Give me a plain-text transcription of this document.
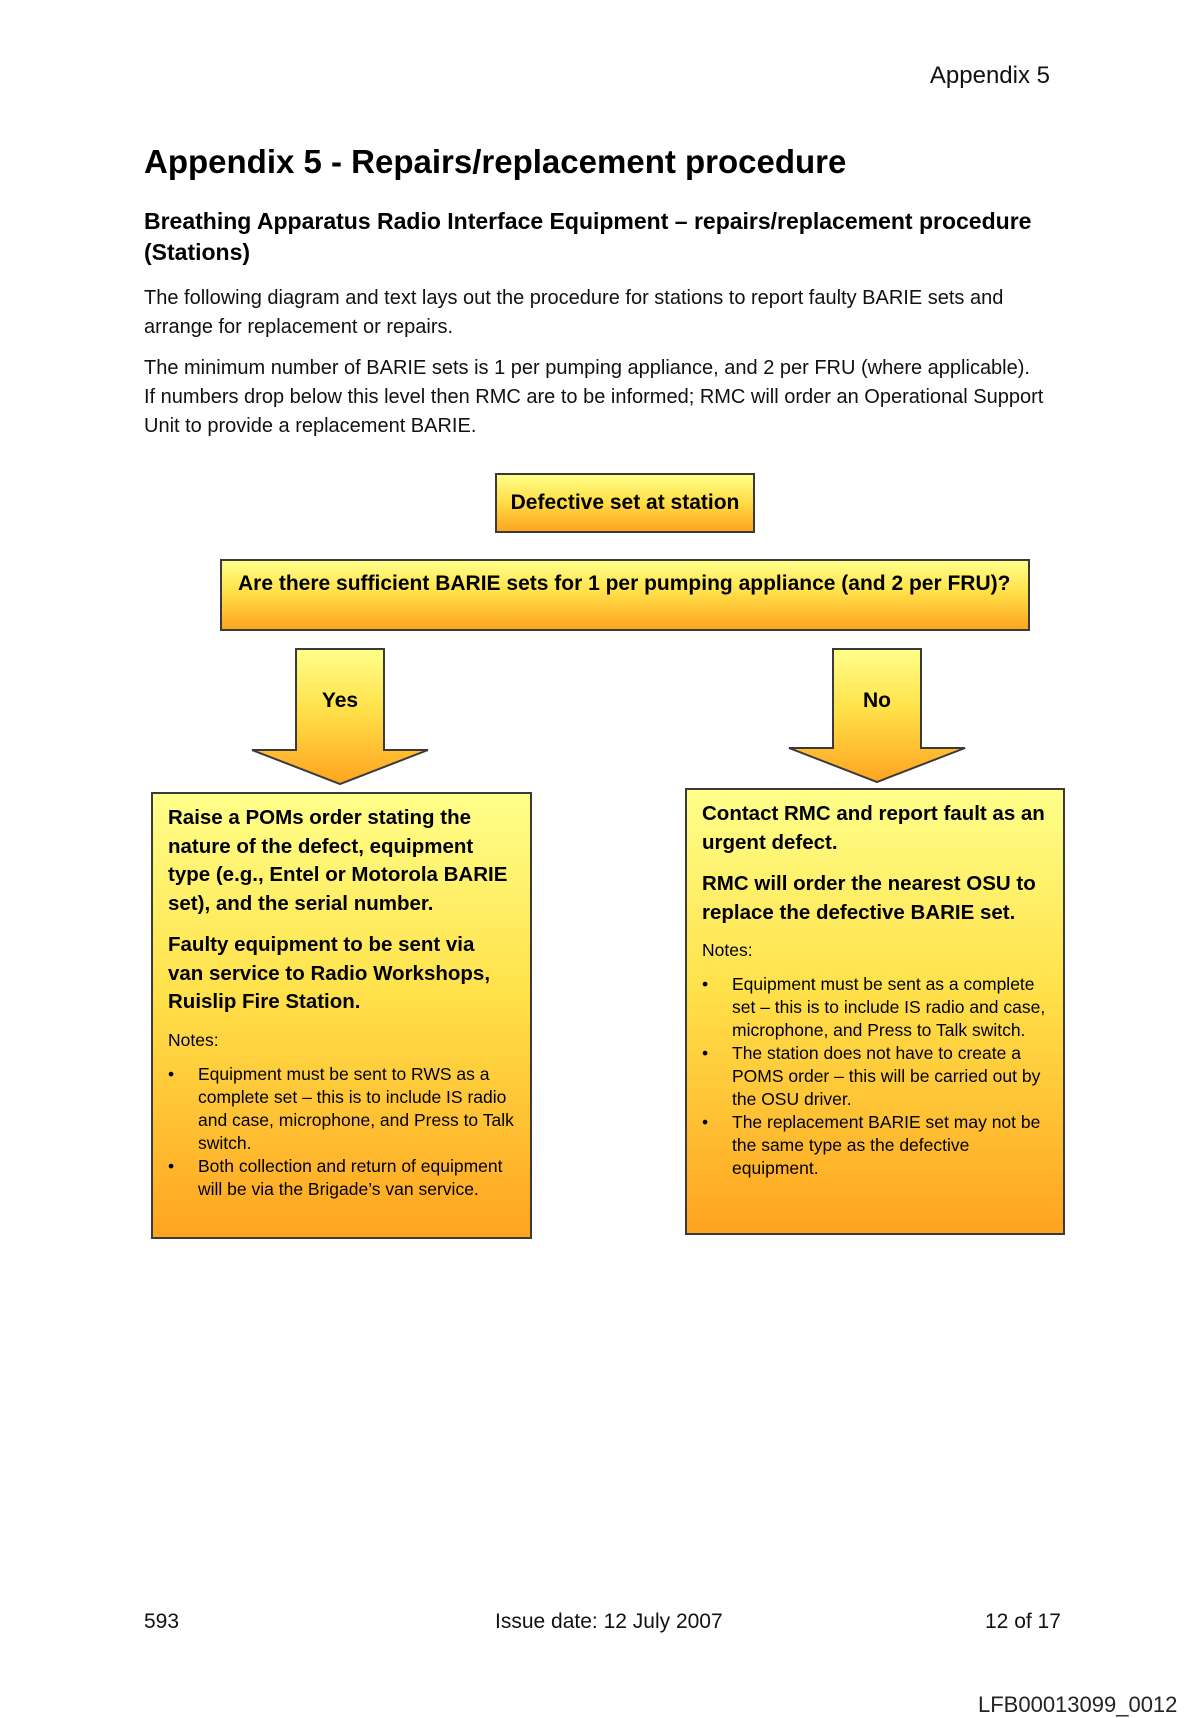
Appendix 5
Appendix 5 - Repairs/replacement procedure
Breathing Apparatus Radio Interface Equipment – repairs/replacement procedure (Stations)

The following diagram and text lays out the procedure for stations to report faulty BARIE sets and arrange for replacement or repairs.

The minimum number of BARIE sets is 1 per pumping appliance, and 2 per FRU (where applicable). If numbers drop below this level then RMC are to be informed; RMC will order an Operational Support Unit to provide a replacement BARIE.

Defective set at station
Are there sufficient BARIE sets for 1 per pumping appliance (and 2 per FRU)?
Yes	No

Raise a POMs order stating the nature of the defect, equipment type (e.g., Entel or Motorola BARIE set), and the serial number.

Faulty equipment to be sent via van service to Radio Workshops, Ruislip Fire Station.

Notes:
• Equipment must be sent to RWS as a complete set – this is to include IS radio and case, microphone, and Press to Talk switch.
• Both collection and return of equipment will be via the Brigade’s van service.

Contact RMC and report fault as an urgent defect.

RMC will order the nearest OSU to replace the defective BARIE set.

Notes:
• Equipment must be sent as a complete set – this is to include IS radio and case, microphone, and Press to Talk switch.
• The station does not have to create a POMS order – this will be carried out by the OSU driver.
• The replacement BARIE set may not be the same type as the defective equipment.
593	Issue date: 12 July 2007	12 of 17
LFB00013099_0012
